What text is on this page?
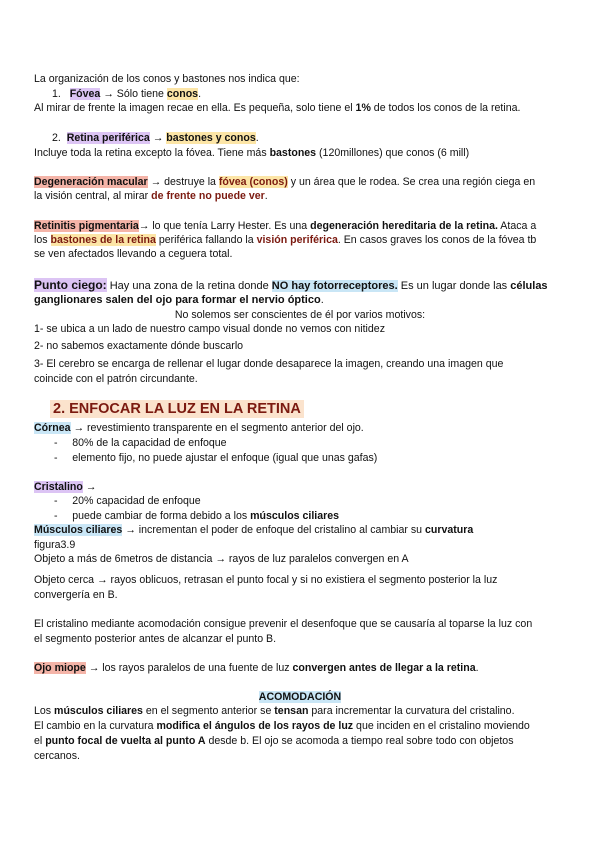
La organización de los conos y bastones nos indica que:
1. Fóvea → Sólo tiene conos.
Al mirar de frente la imagen recae en ella. Es pequeña, solo tiene el 1% de todos los conos de la retina.
2. Retina periférica → bastones y conos.
Incluye toda la retina excepto la fóvea. Tiene más bastones (120millones) que conos (6 mill)
Degeneración macular → destruye la fóvea (conos) y un área que le rodea. Se crea una región ciega en
la visión central, al mirar de frente no puede ver.
Retinitis pigmentaria→ lo que tenía Larry Hester. Es una degeneración hereditaria de la retina. Ataca a
los bastones de la retina periférica fallando la visión periférica. En casos graves los conos de la fóvea tb
se ven afectados llevando a ceguera total.
Punto ciego: Hay una zona de la retina donde NO hay fotorreceptores. Es un lugar donde las células
ganglionares salen del ojo para formar el nervio óptico.
No solemos ser conscientes de él por varios motivos:
1- se ubica a un lado de nuestro campo visual donde no vemos con nitidez
2- no sabemos exactamente dónde buscarlo
3- El cerebro se encarga de rellenar el lugar donde desaparece la imagen, creando una imagen que
coincide con el patrón circundante.
2. ENFOCAR LA LUZ EN LA RETINA
Córnea → revestimiento transparente en el segmento anterior del ojo.
-     80% de la capacidad de enfoque
-     elemento fijo, no puede ajustar el enfoque (igual que unas gafas)
Cristalino →
-     20% capacidad de enfoque
-     puede cambiar de forma debido a los músculos ciliares
Músculos ciliares → incrementan el poder de enfoque del cristalino al cambiar su curvatura
figura3.9
Objeto a más de 6metros de distancia → rayos de luz paralelos convergen en A
Objeto cerca → rayos oblicuos, retrasan el punto focal y si no existiera el segmento posterior la luz
convergería en B.
El cristalino mediante acomodación consigue prevenir el desenfoque que se causaría al toparse la luz con
el segmento posterior antes de alcanzar el punto B.
Ojo miope → los rayos paralelos de una fuente de luz convergen antes de llegar a la retina.
ACOMODACIÓN
Los músculos ciliares en el segmento anterior se tensan para incrementar la curvatura del cristalino.
El cambio en la curvatura modifica el ángulos de los rayos de luz que inciden en el cristalino moviendo
el punto focal de vuelta al punto A desde b. El ojo se acomoda a tiempo real sobre todo con objetos
cercanos.
